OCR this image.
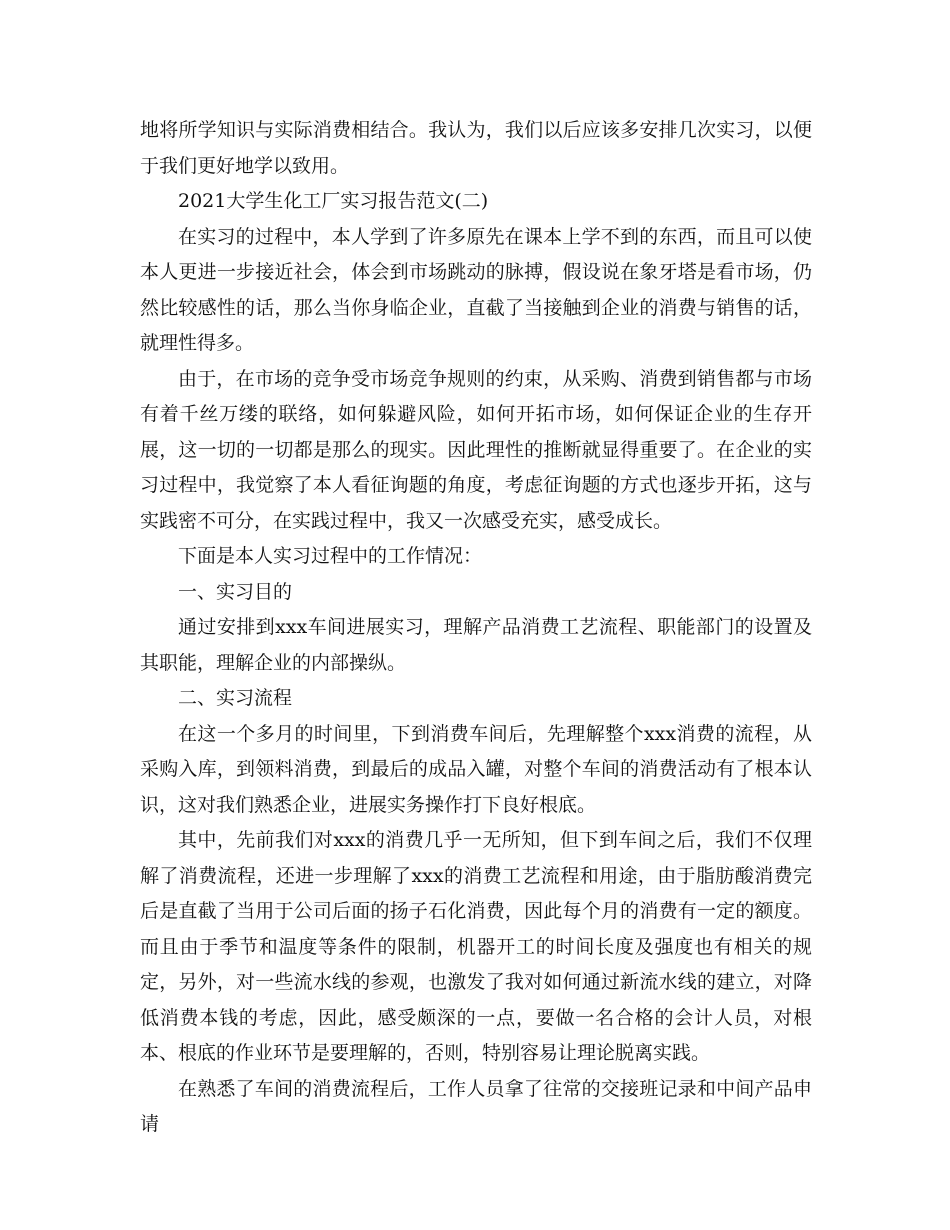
地将所学知识与实际消费相结合。我认为，我们以后应该多安排几次实习，以便于我们更好地学以致用。

2021大学生化工厂实习报告范文(二)

在实习的过程中，本人学到了许多原先在课本上学不到的东西，而且可以使本人更进一步接近社会，体会到市场跳动的脉搏，假设说在象牙塔是看市场，仍然比较感性的话，那么当你身临企业，直截了当接触到企业的消费与销售的话，就理性得多。

由于，在市场的竞争受市场竞争规则的约束，从采购、消费到销售都与市场有着千丝万缕的联络，如何躲避风险，如何开拓市场，如何保证企业的生存开展，这一切的一切都是那么的现实。因此理性的推断就显得重要了。在企业的实习过程中，我觉察了本人看征询题的角度，考虑征询题的方式也逐步开拓，这与实践密不可分，在实践过程中，我又一次感受充实，感受成长。

下面是本人实习过程中的工作情况：

一、实习目的

通过安排到xxx车间进展实习，理解产品消费工艺流程、职能部门的设置及其职能，理解企业的内部操纵。

二、实习流程

在这一个多月的时间里，下到消费车间后，先理解整个xxx消费的流程，从采购入库，到领料消费，到最后的成品入罐，对整个车间的消费活动有了根本认识，这对我们熟悉企业，进展实务操作打下良好根底。

其中，先前我们对xxx的消费几乎一无所知，但下到车间之后，我们不仅理解了消费流程，还进一步理解了xxx的消费工艺流程和用途，由于脂肪酸消费完后是直截了当用于公司后面的扬子石化消费，因此每个月的消费有一定的额度。而且由于季节和温度等条件的限制，机器开工的时间长度及强度也有相关的规定，另外，对一些流水线的参观，也激发了我对如何通过新流水线的建立，对降低消费本钱的考虑，因此，感受颇深的一点，要做一名合格的会计人员，对根本、根底的作业环节是要理解的，否则，特别容易让理论脱离实践。

在熟悉了车间的消费流程后，工作人员拿了往常的交接班记录和中间产品申请
